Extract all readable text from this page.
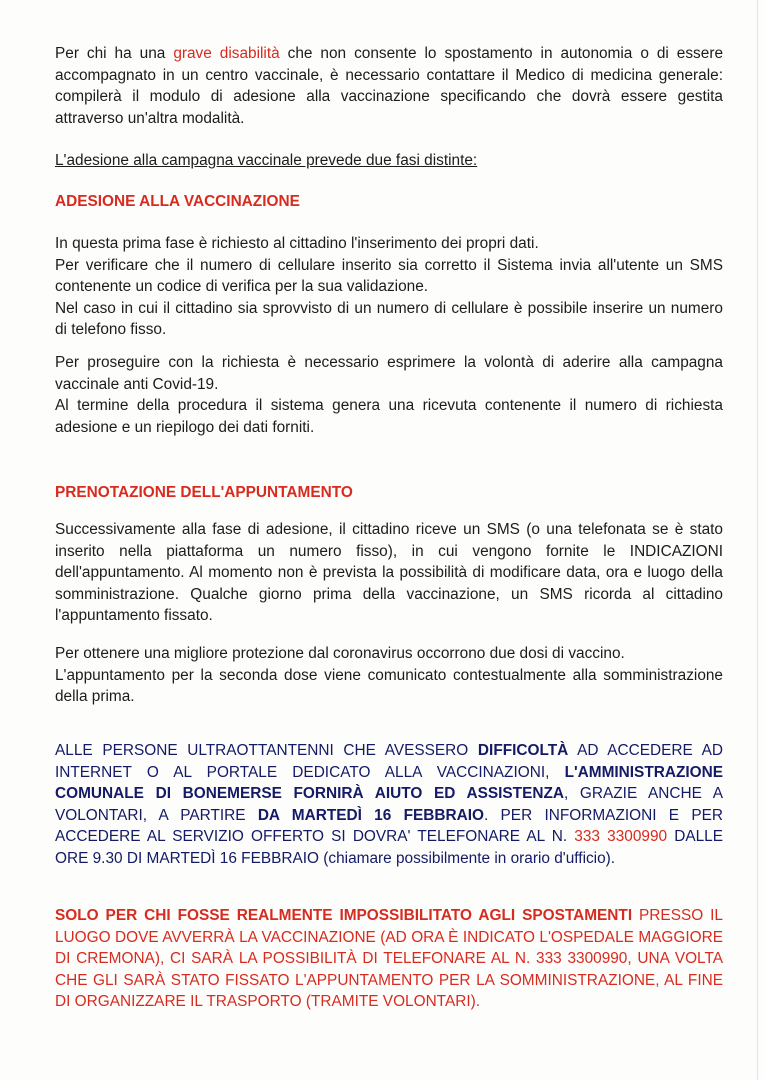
Per chi ha una grave disabilità che non consente lo spostamento in autonomia o di essere accompagnato in un centro vaccinale, è necessario contattare il Medico di medicina generale: compilerà il modulo di adesione alla vaccinazione specificando che dovrà essere gestita attraverso un'altra modalità.

L'adesione alla campagna vaccinale prevede due fasi distinte:

ADESIONE ALLA VACCINAZIONE

In questa prima fase è richiesto al cittadino l'inserimento dei propri dati.

Per verificare che il numero di cellulare inserito sia corretto il Sistema invia all'utente un SMS contenente un codice di verifica per la sua validazione.

Nel caso in cui il cittadino sia sprovvisto di un numero di cellulare è possibile inserire un numero di telefono fisso.

Per proseguire con la richiesta è necessario esprimere la volontà di aderire alla campagna vaccinale anti Covid-19.

Al termine della procedura il sistema genera una ricevuta contenente il numero di richiesta adesione e un riepilogo dei dati forniti.

PRENOTAZIONE DELL'APPUNTAMENTO

Successivamente alla fase di adesione, il cittadino riceve un SMS (o una telefonata se è stato inserito nella piattaforma un numero fisso), in cui vengono fornite le INDICAZIONI dell'appuntamento. Al momento non è prevista la possibilità di modificare data, ora e luogo della somministrazione. Qualche giorno prima della vaccinazione, un SMS ricorda al cittadino l'appuntamento fissato.

Per ottenere una migliore protezione dal coronavirus occorrono due dosi di vaccino.

L'appuntamento per la seconda dose viene comunicato contestualmente alla somministrazione della prima.

ALLE PERSONE ULTRAOTTANTENNI CHE AVESSERO DIFFICOLTÀ AD ACCEDERE AD INTERNET O AL PORTALE DEDICATO ALLA VACCINAZIONI, L'AMMINISTRAZIONE COMUNALE DI BONEMERSE FORNIRÀ AIUTO ED ASSISTENZA, GRAZIE ANCHE A VOLONTARI, A PARTIRE DA MARTEDÌ 16 FEBBRAIO. PER INFORMAZIONI E PER ACCEDERE AL SERVIZIO OFFERTO SI DOVRA' TELEFONARE AL N. 333 3300990 DALLE ORE 9.30 DI MARTEDÌ 16 FEBBRAIO (chiamare possibilmente in orario d'ufficio).

SOLO PER CHI FOSSE REALMENTE IMPOSSIBILITATO AGLI SPOSTAMENTI PRESSO IL LUOGO DOVE AVVERRÀ LA VACCINAZIONE (AD ORA È INDICATO L'OSPEDALE MAGGIORE DI CREMONA), CI SARÀ LA POSSIBILITÀ DI TELEFONARE AL N. 333 3300990, UNA VOLTA CHE GLI SARÀ STATO FISSATO L'APPUNTAMENTO PER LA SOMMINISTRAZIONE, AL FINE DI ORGANIZZARE IL TRASPORTO (TRAMITE VOLONTARI).
